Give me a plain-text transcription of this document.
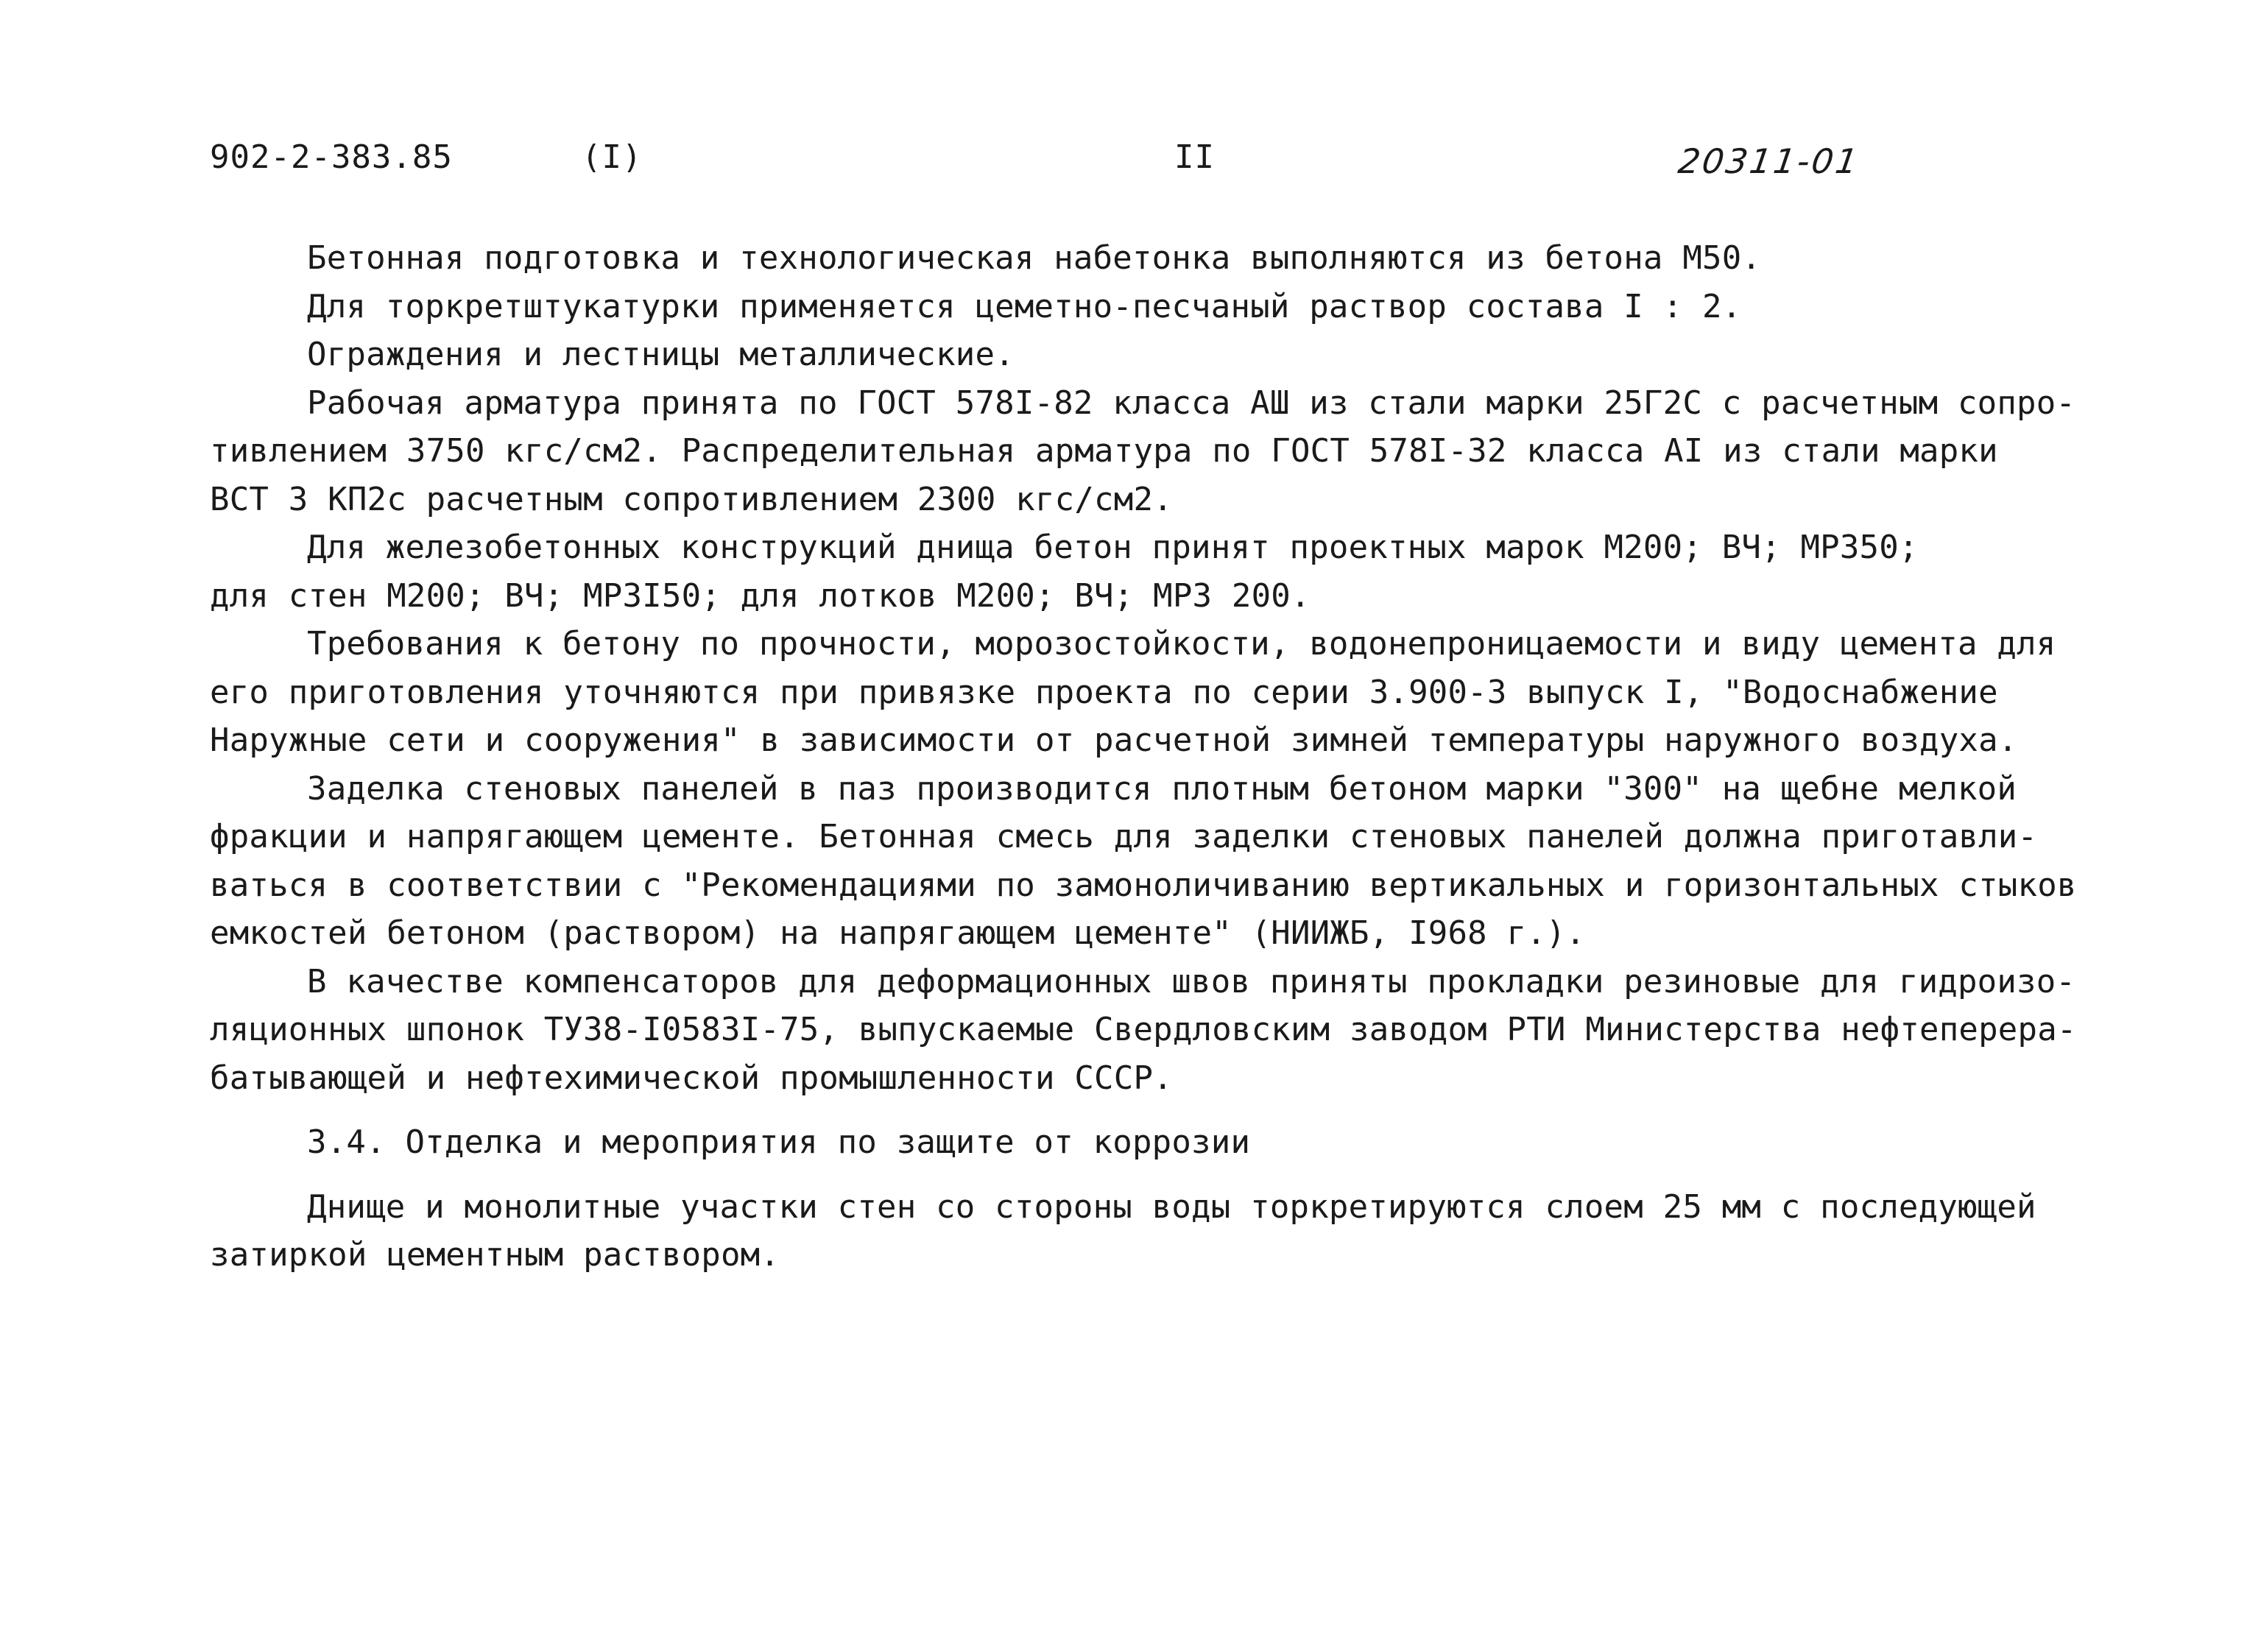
902-2-383.85	(I)	II	20311-01

Бетонная подготовка и технологическая набетонка выполняются из бетона М50.

Для торкретштукатурки применяется цеметно-песчаный раствор состава I : 2.

Ограждения и лестницы металлические.

Рабочая арматура принята по ГОСТ 578I-82 класса АШ из стали марки 25Г2С с расчетным сопро-
тивлением 3750 кгс/см2. Распределительная арматура по ГОСТ 578I-32 класса АI из стали марки
ВСТ 3 КП2с расчетным сопротивлением 2300 кгс/см2.

Для железобетонных конструкций днища бетон принят проектных марок М200; ВЧ; МРЗ50;
для стен М200; ВЧ; МРЗI50; для лотков М200; ВЧ; МРЗ 200.

Требования к бетону по прочности, морозостойкости, водонепроницаемости и виду цемента для
его приготовления уточняются при привязке проекта по серии 3.900-3 выпуск I, "Водоснабжение
Наружные сети и сооружения" в зависимости от расчетной зимней температуры наружного воздуха.

Заделка стеновых панелей в паз производится плотным бетоном марки "300" на щебне мелкой
фракции и напрягающем цементе. Бетонная смесь для заделки стеновых панелей должна приготавли-
ваться в соответствии с "Рекомендациями по замоноличиванию вертикальных и горизонтальных стыков
емкостей бетоном (раствором) на напрягающем цементе" (НИИЖБ, I968 г.).

В качестве компенсаторов для деформационных швов приняты прокладки резиновые для гидроизо-
ляционных шпонок ТУ38-I0583I-75, выпускаемые Свердловским заводом РТИ Министерства нефтеперера-
батывающей и нефтехимической промышленности СССР.

3.4. Отделка и мероприятия по защите от коррозии

Днище и монолитные участки стен со стороны воды торкретируются слоем 25 мм с последующей
затиркой цементным раствором.
